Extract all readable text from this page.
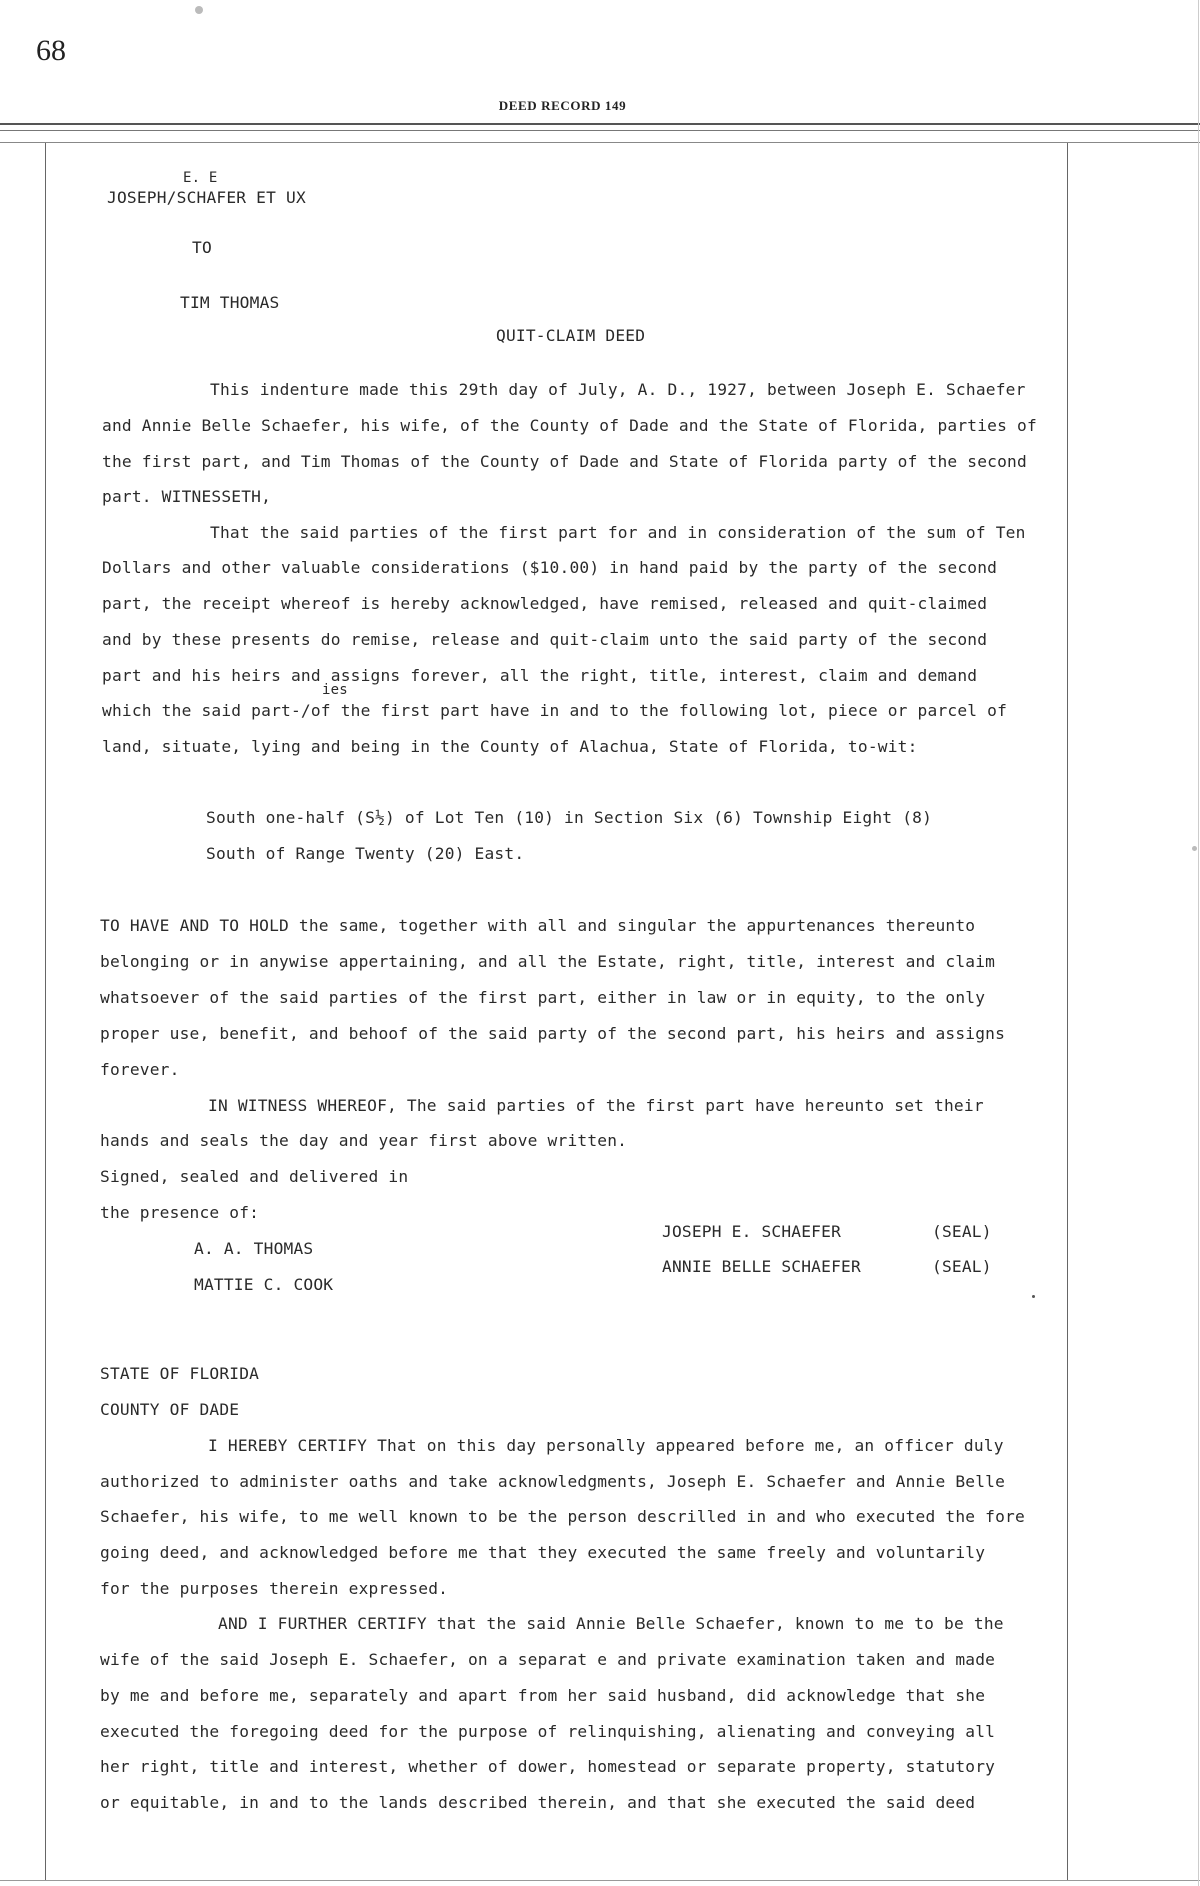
68
DEED RECORD 149
E. E
JOSEPH/SCHAFER ET UX
TO
TIM THOMAS
QUIT-CLAIM DEED
This indenture made this 29th day of July, A. D., 1927, between Joseph E. Schaefer
and Annie Belle Schaefer, his wife, of the County of Dade and the State of Florida, parties of
the first part, and Tim Thomas of the County of Dade and State of Florida party of the second
part. WITNESSETH,
That the said parties of the first part for and in consideration of the sum of Ten
Dollars and other valuable considerations ($10.00) in hand paid by the party of the second
part, the receipt whereof is hereby acknowledged, have remised, released and quit-claimed
and by these presents do remise, release and quit-claim unto the said party of the second
part and his heirs and assigns forever, all the right, title, interest, claim and demand
ies
which the said part-/of the first part have in and to the following lot, piece or parcel of
land, situate, lying and being in the County of Alachua, State of Florida, to-wit:
South one-half (S½) of Lot Ten (10) in Section Six (6) Township Eight (8)
South of Range Twenty (20) East.
TO HAVE AND TO HOLD the same, together with all and singular the appurtenances thereunto
belonging or in anywise appertaining, and all the Estate, right, title, interest and claim
whatsoever of the said parties of the first part, either in law or in equity, to the only
proper use, benefit, and behoof of the said party of the second part, his heirs and assigns
forever.
IN WITNESS WHEREOF, The said parties of the first part have hereunto set their
hands and seals the day and year first above written.
Signed, sealed and delivered in
the presence of:
A. A. THOMAS
MATTIE C. COOK
JOSEPH E. SCHAEFER	(SEAL)
ANNIE BELLE SCHAEFER	(SEAL)
STATE OF FLORIDA
COUNTY OF DADE
I HEREBY CERTIFY That on this day personally appeared before me, an officer duly
authorized to administer oaths and take acknowledgments, Joseph E. Schaefer and Annie Belle
Schaefer, his wife, to me well known to be the person descrilled in and who executed the fore
going deed, and acknowledged before me that they executed the same freely and voluntarily
for the purposes therein expressed.
AND I FURTHER CERTIFY that the said Annie Belle Schaefer, known to me to be the
wife of the said Joseph E. Schaefer, on a separat e and private examination taken and made
by me and before me, separately and apart from her said husband, did acknowledge that she
executed the foregoing deed for the purpose of relinquishing, alienating and conveying all
her right, title and interest, whether of dower, homestead or separate property, statutory
or equitable, in and to the lands described therein, and that she executed the said deed
